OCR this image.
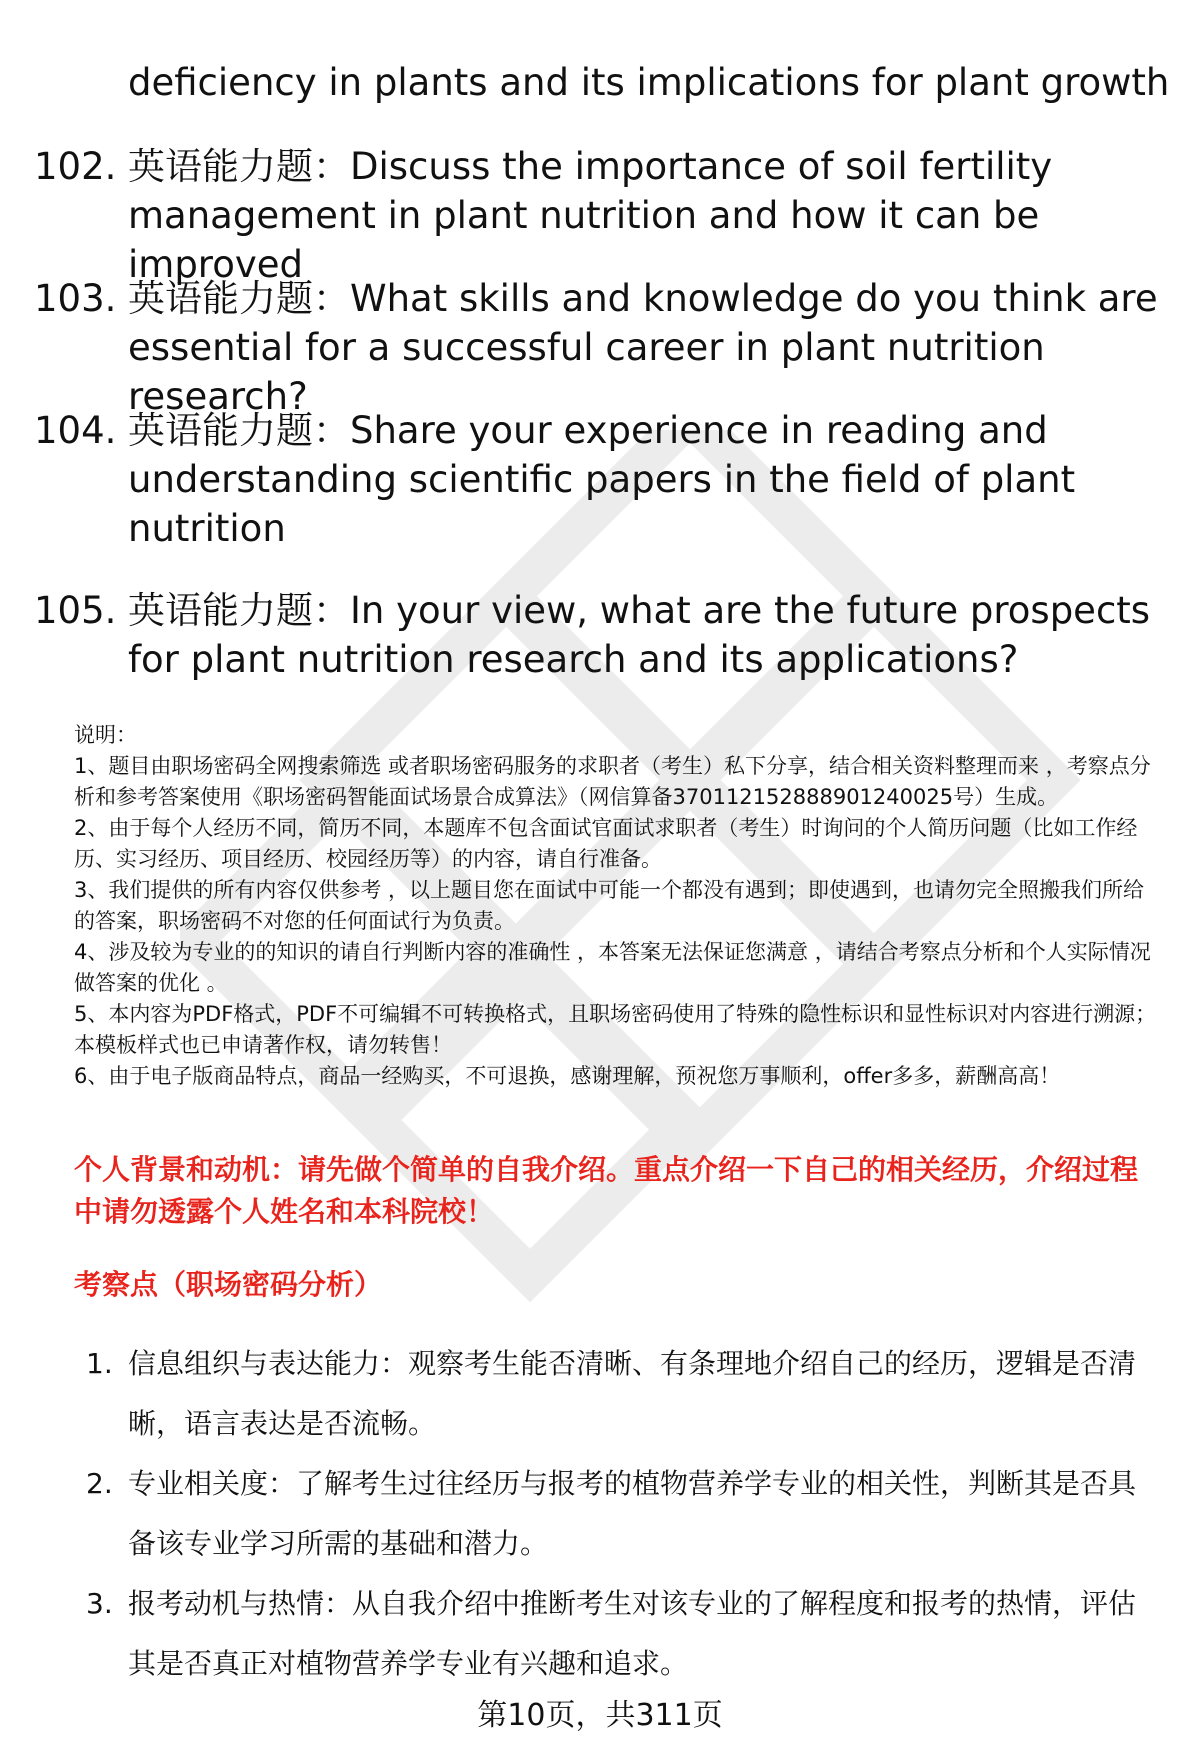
deficiency in plants and its implications for plant growth
102. 英语能力题：Discuss the importance of soil fertility management in plant nutrition and how it can be improved
103. 英语能力题：What skills and knowledge do you think are essential for a successful career in plant nutrition research?
104. 英语能力题：Share your experience in reading and understanding scientific papers in the field of plant nutrition
105. 英语能力题：In your view, what are the future prospects for plant nutrition research and its applications?

说明：

1、题目由职场密码全网搜索筛选 或者职场密码服务的求职者（考生）私下分享，结合相关资料整理而来 ，考察点分析和参考答案使用《职场密码智能面试场景合成算法》（网信算备370112152888901240025号）生成。

2、由于每个人经历不同，简历不同，本题库不包含面试官面试求职者（考生）时询问的个人简历问题（比如工作经历、实习经历、项目经历、校园经历等）的内容，请自行准备。

3、我们提供的所有内容仅供参考 ，以上题目您在面试中可能一个都没有遇到；即使遇到，也请勿完全照搬我们所给的答案，职场密码不对您的任何面试行为负责。

4、涉及较为专业的的知识的请自行判断内容的准确性 ，本答案无法保证您满意 ，请结合考察点分析和个人实际情况做答案的优化 。

5、本内容为PDF格式，PDF不可编辑不可转换格式，且职场密码使用了特殊的隐性标识和显性标识对内容进行溯源；本模板样式也已申请著作权，请勿转售！

6、由于电子版商品特点，商品一经购买，不可退换，感谢理解，预祝您万事顺利，offer多多，薪酬高高！

个人背景和动机：请先做个简单的自我介绍。重点介绍一下自己的相关经历，介绍过程中请勿透露个人姓名和本科院校！
考察点（职场密码分析）
1. 信息组织与表达能力：观察考生能否清晰、有条理地介绍自己的经历，逻辑是否清晰，语言表达是否流畅。
2. 专业相关度：了解考生过往经历与报考的植物营养学专业的相关性，判断其是否具备该专业学习所需的基础和潜力。
3. 报考动机与热情：从自我介绍中推断考生对该专业的了解程度和报考的热情，评估其是否真正对植物营养学专业有兴趣和追求。
第10页，共311页
